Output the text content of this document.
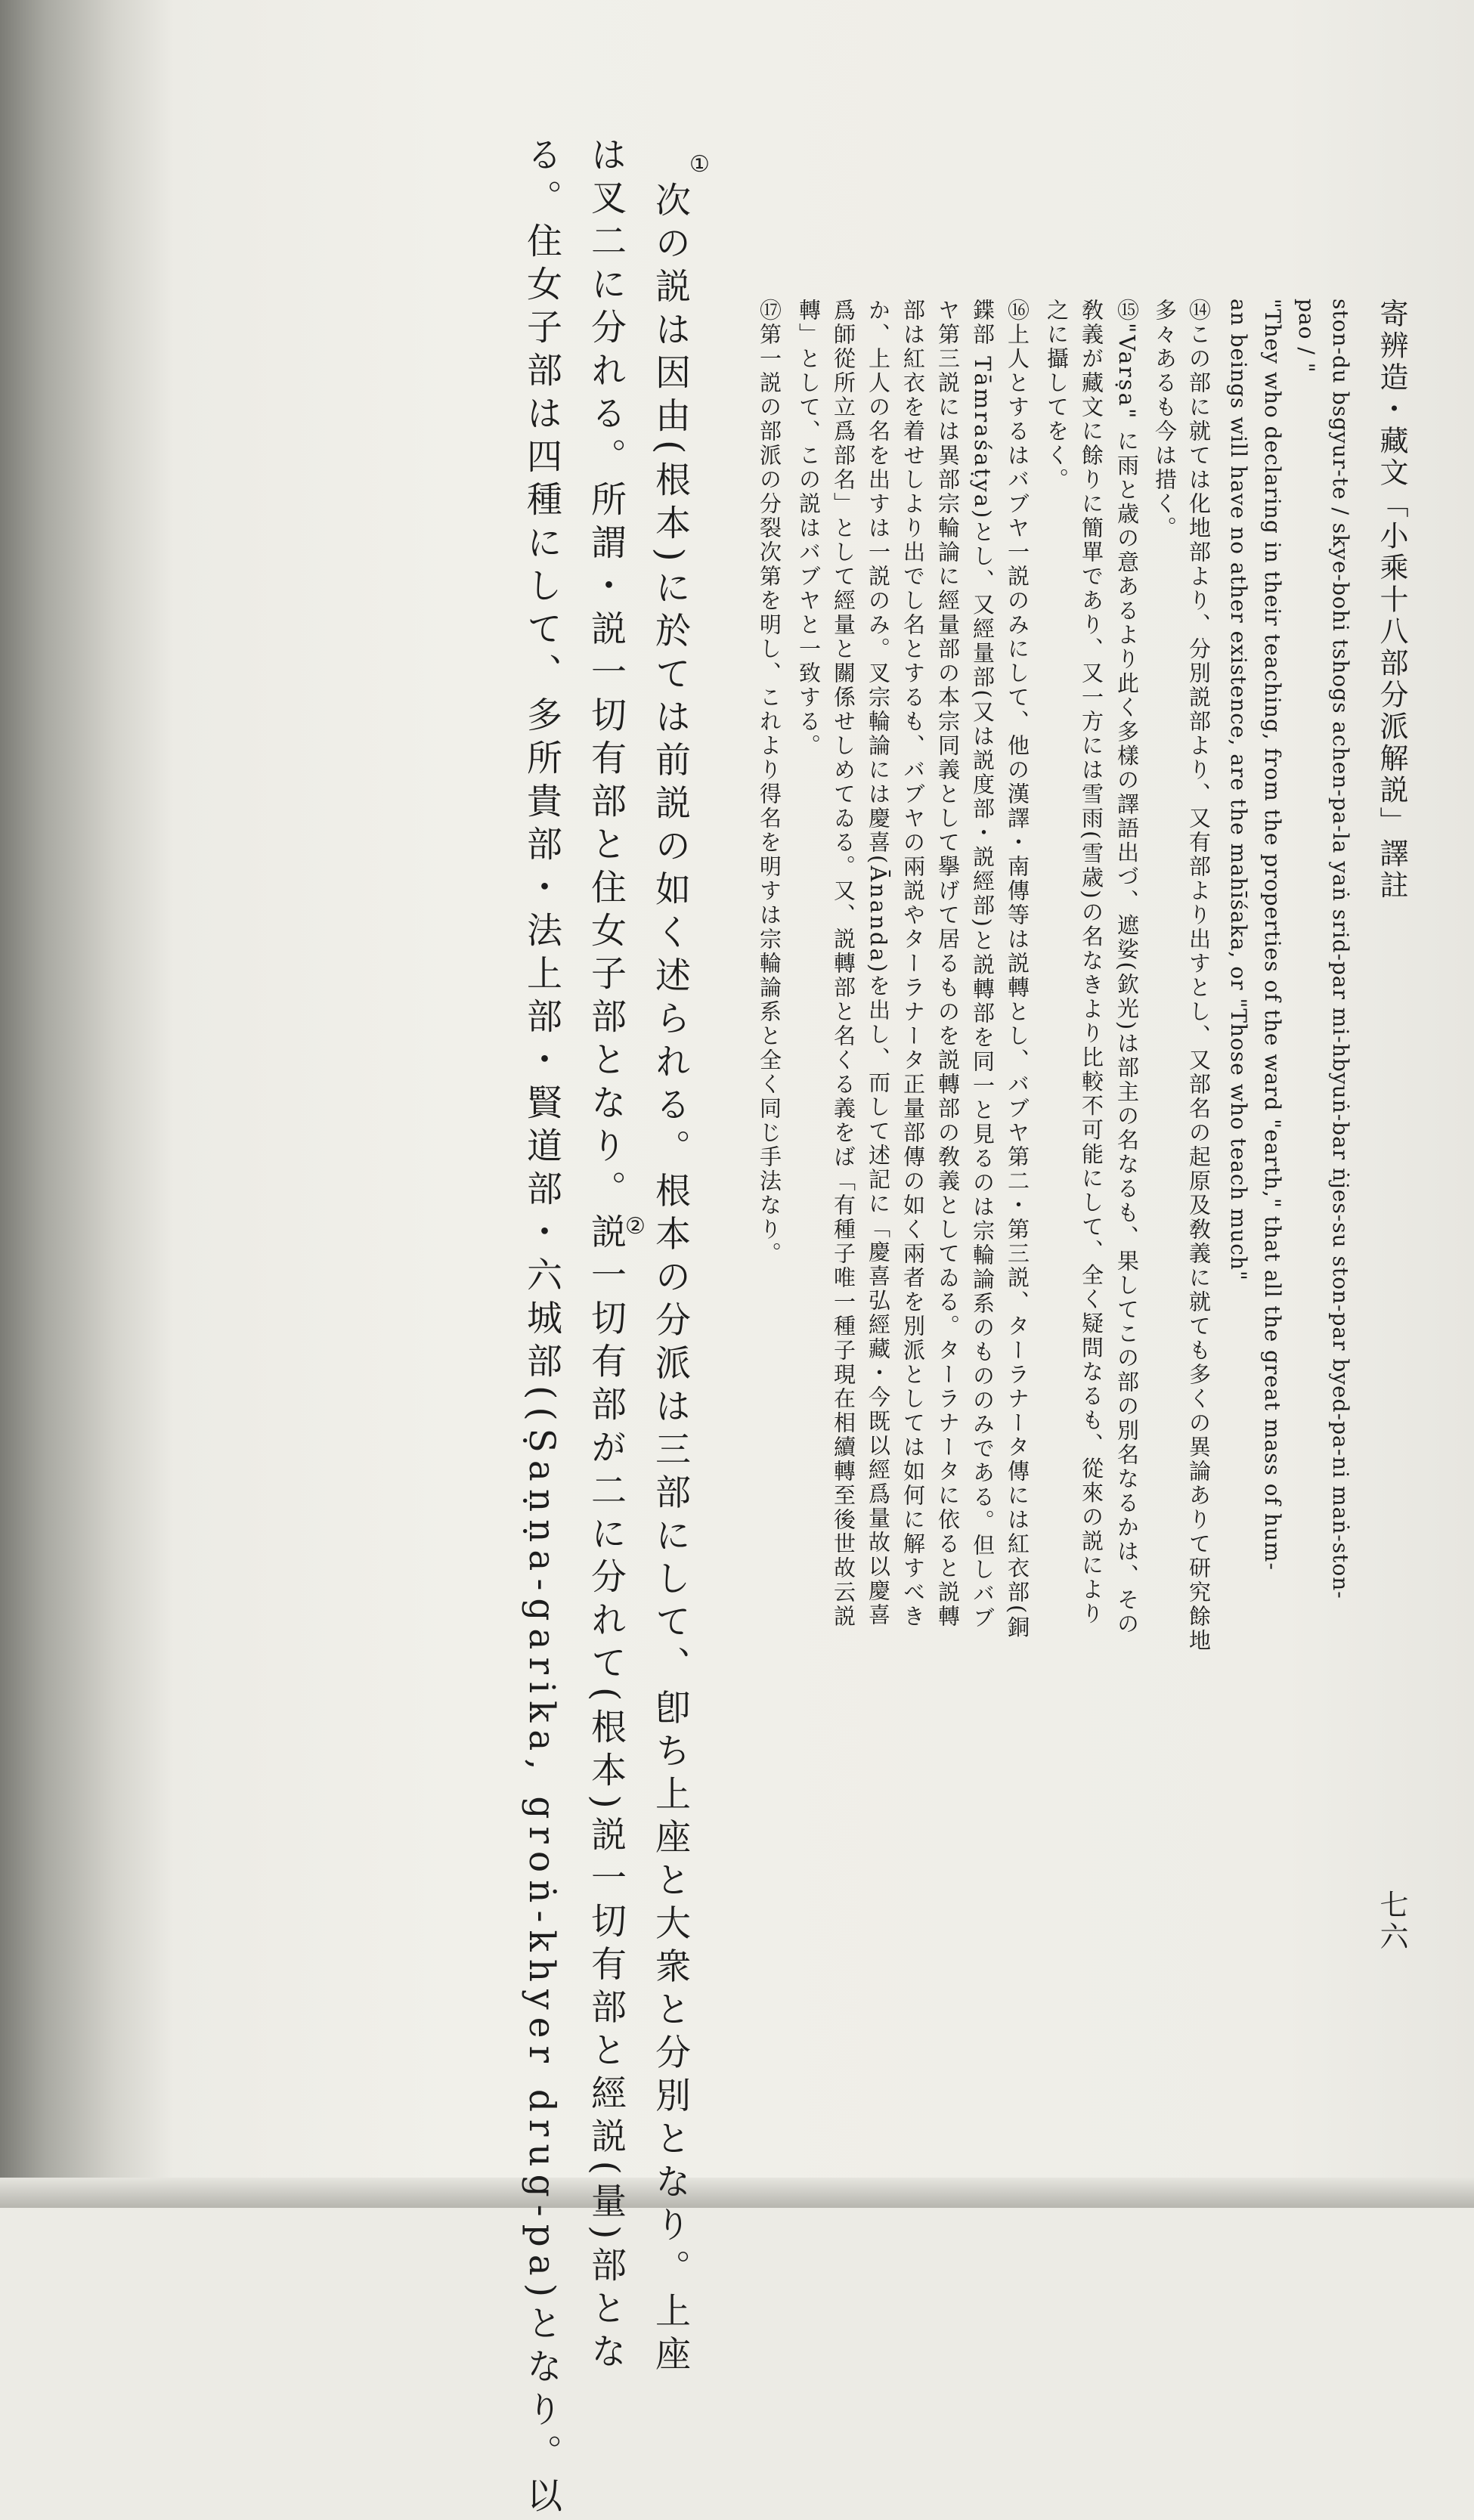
寄辨造・藏文「小乘十八部分派解説」譯註
七六
ston-du bsgyur-te / skye-bohi tshogs achen-pa-la yaṅ srid-par mi-hbyuṅ-bar ṅjes-su ston-par byed-pa-ni maṅ-ston-
pao / "
"They who declaring in their teaching, from the properties of the ward "earth," that all the great mass of hum-
an beings will have no ather existence, are the mahīśaka, or "Those who teach much"
⑭この部に就ては化地部より、分別説部より、又有部より出すとし、又部名の起原及敎義に就ても多くの異論ありて研究餘地
多々あるも今は措く。
⑮"Varṣa" に雨と歳の意あるより此く多樣の譯語出づ、遮娑(欽光)は部主の名なるも、果してこの部の別名なるかは、その
敎義が藏文に餘りに簡單であり、又一方には雪雨(雪歳)の名なきより比較不可能にして、全く疑問なるも、從來の説により
之に攝してをく。
⑯上人とするはバブヤ一説のみにして、他の漢譯・南傳等は説轉とし、バブヤ第二・第三説、ターラナータ傳には紅衣部(銅
鍱部 Tāmraśaṭya)とし、又經量部(又は説度部・説經部)と説轉部を同一と見るのは宗輪論系のもののみである。但しバブ
ヤ第三説には異部宗輪論に經量部の本宗同義として擧げて居るものを説轉部の敎義としてゐる。ターラナータに依ると説轉
部は紅衣を着せしより出でし名とするも、バブヤの兩説やターラナータ正量部傳の如く兩者を別派としては如何に解すべき
か、上人の名を出すは一説のみ。叉宗輪論には慶喜(Ānanda)を出し、而して述記に「慶喜弘經藏・今既以經爲量故以慶喜
爲師從所立爲部名」として經量と關係せしめてゐる。又、説轉部と名くる義をば「有種子唯一種子現在相續轉至後世故云説
轉」として、この説はバブヤと一致する。
⑰第一説の部派の分裂次第を明し、これより得名を明すは宗輪論系と全く同じ手法なり。
①
次の説は因由(根本)に於ては前説の如く述られる。根本の分派は三部にして、卽ち上座と大衆と分別となり。上座
は叉二に分れる。所謂・説一切有部と住女子部となり。説一切有部が二に分れて(根本)説一切有部と經説(量)部とな
②
る。住女子部は四種にして、多所貴部・法上部・賢道部・六城部((Ṣaṇṇa-garika, groṅ-khyer drug-pa)となり。以
